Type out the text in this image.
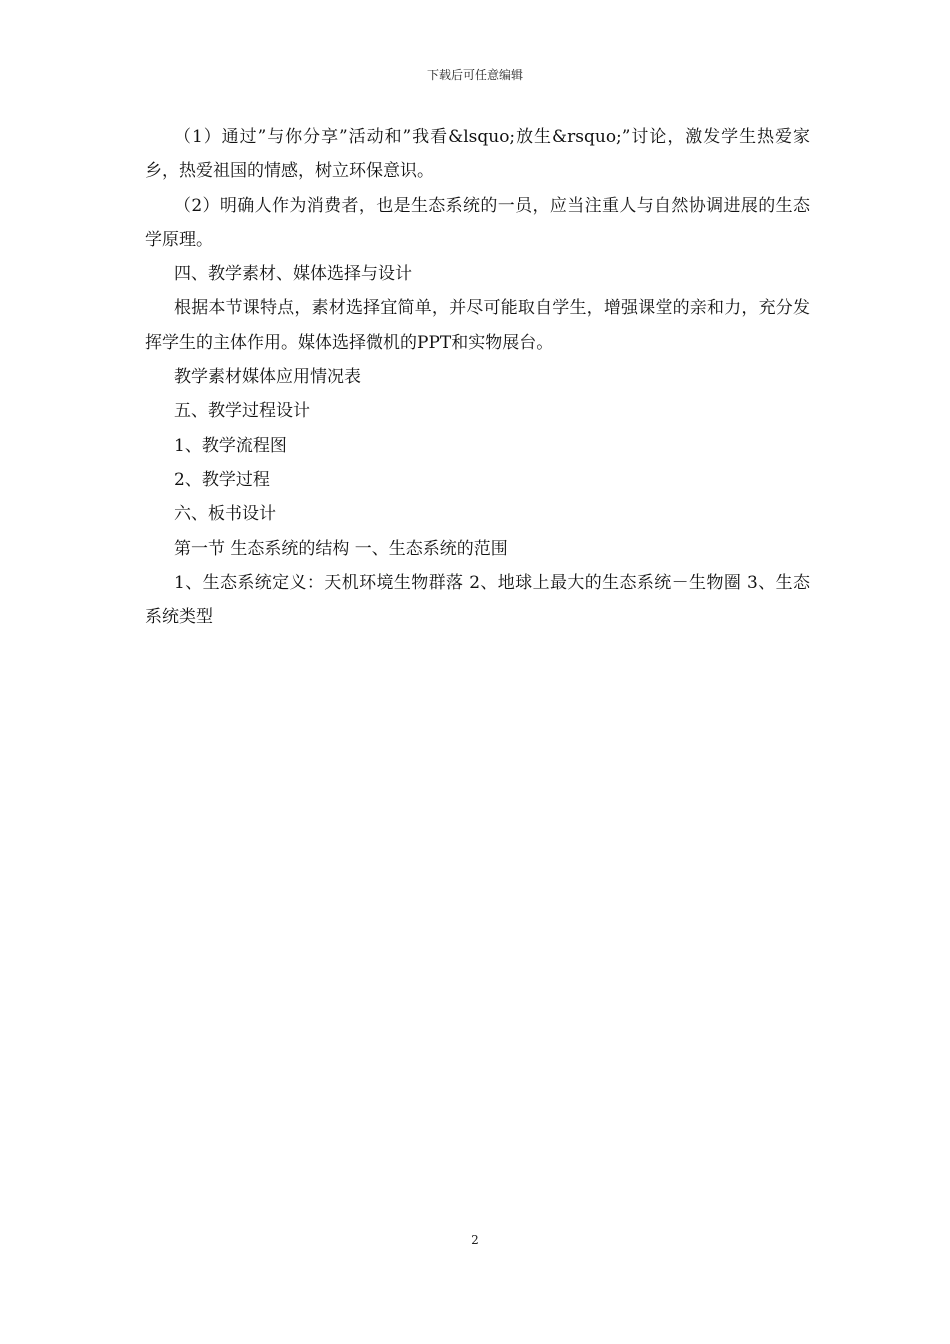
下载后可任意编辑

（1）通过”与你分享”活动和”我看&lsquo;放生&rsquo;”讨论，激发学生热爱家乡，热爱祖国的情感，树立环保意识。

（2）明确人作为消费者，也是生态系统的一员，应当注重人与自然协调进展的生态学原理。

四、教学素材、媒体选择与设计

根据本节课特点，素材选择宜简单，并尽可能取自学生，增强课堂的亲和力，充分发挥学生的主体作用。媒体选择微机的PPT和实物展台。

教学素材媒体应用情况表

五、教学过程设计

1、教学流程图

2、教学过程

六、板书设计

第一节 生态系统的结构 一、生态系统的范围

1、生态系统定义：天机环境生物群落 2、地球上最大的生态系统－生物圈 3、生态系统类型

2
